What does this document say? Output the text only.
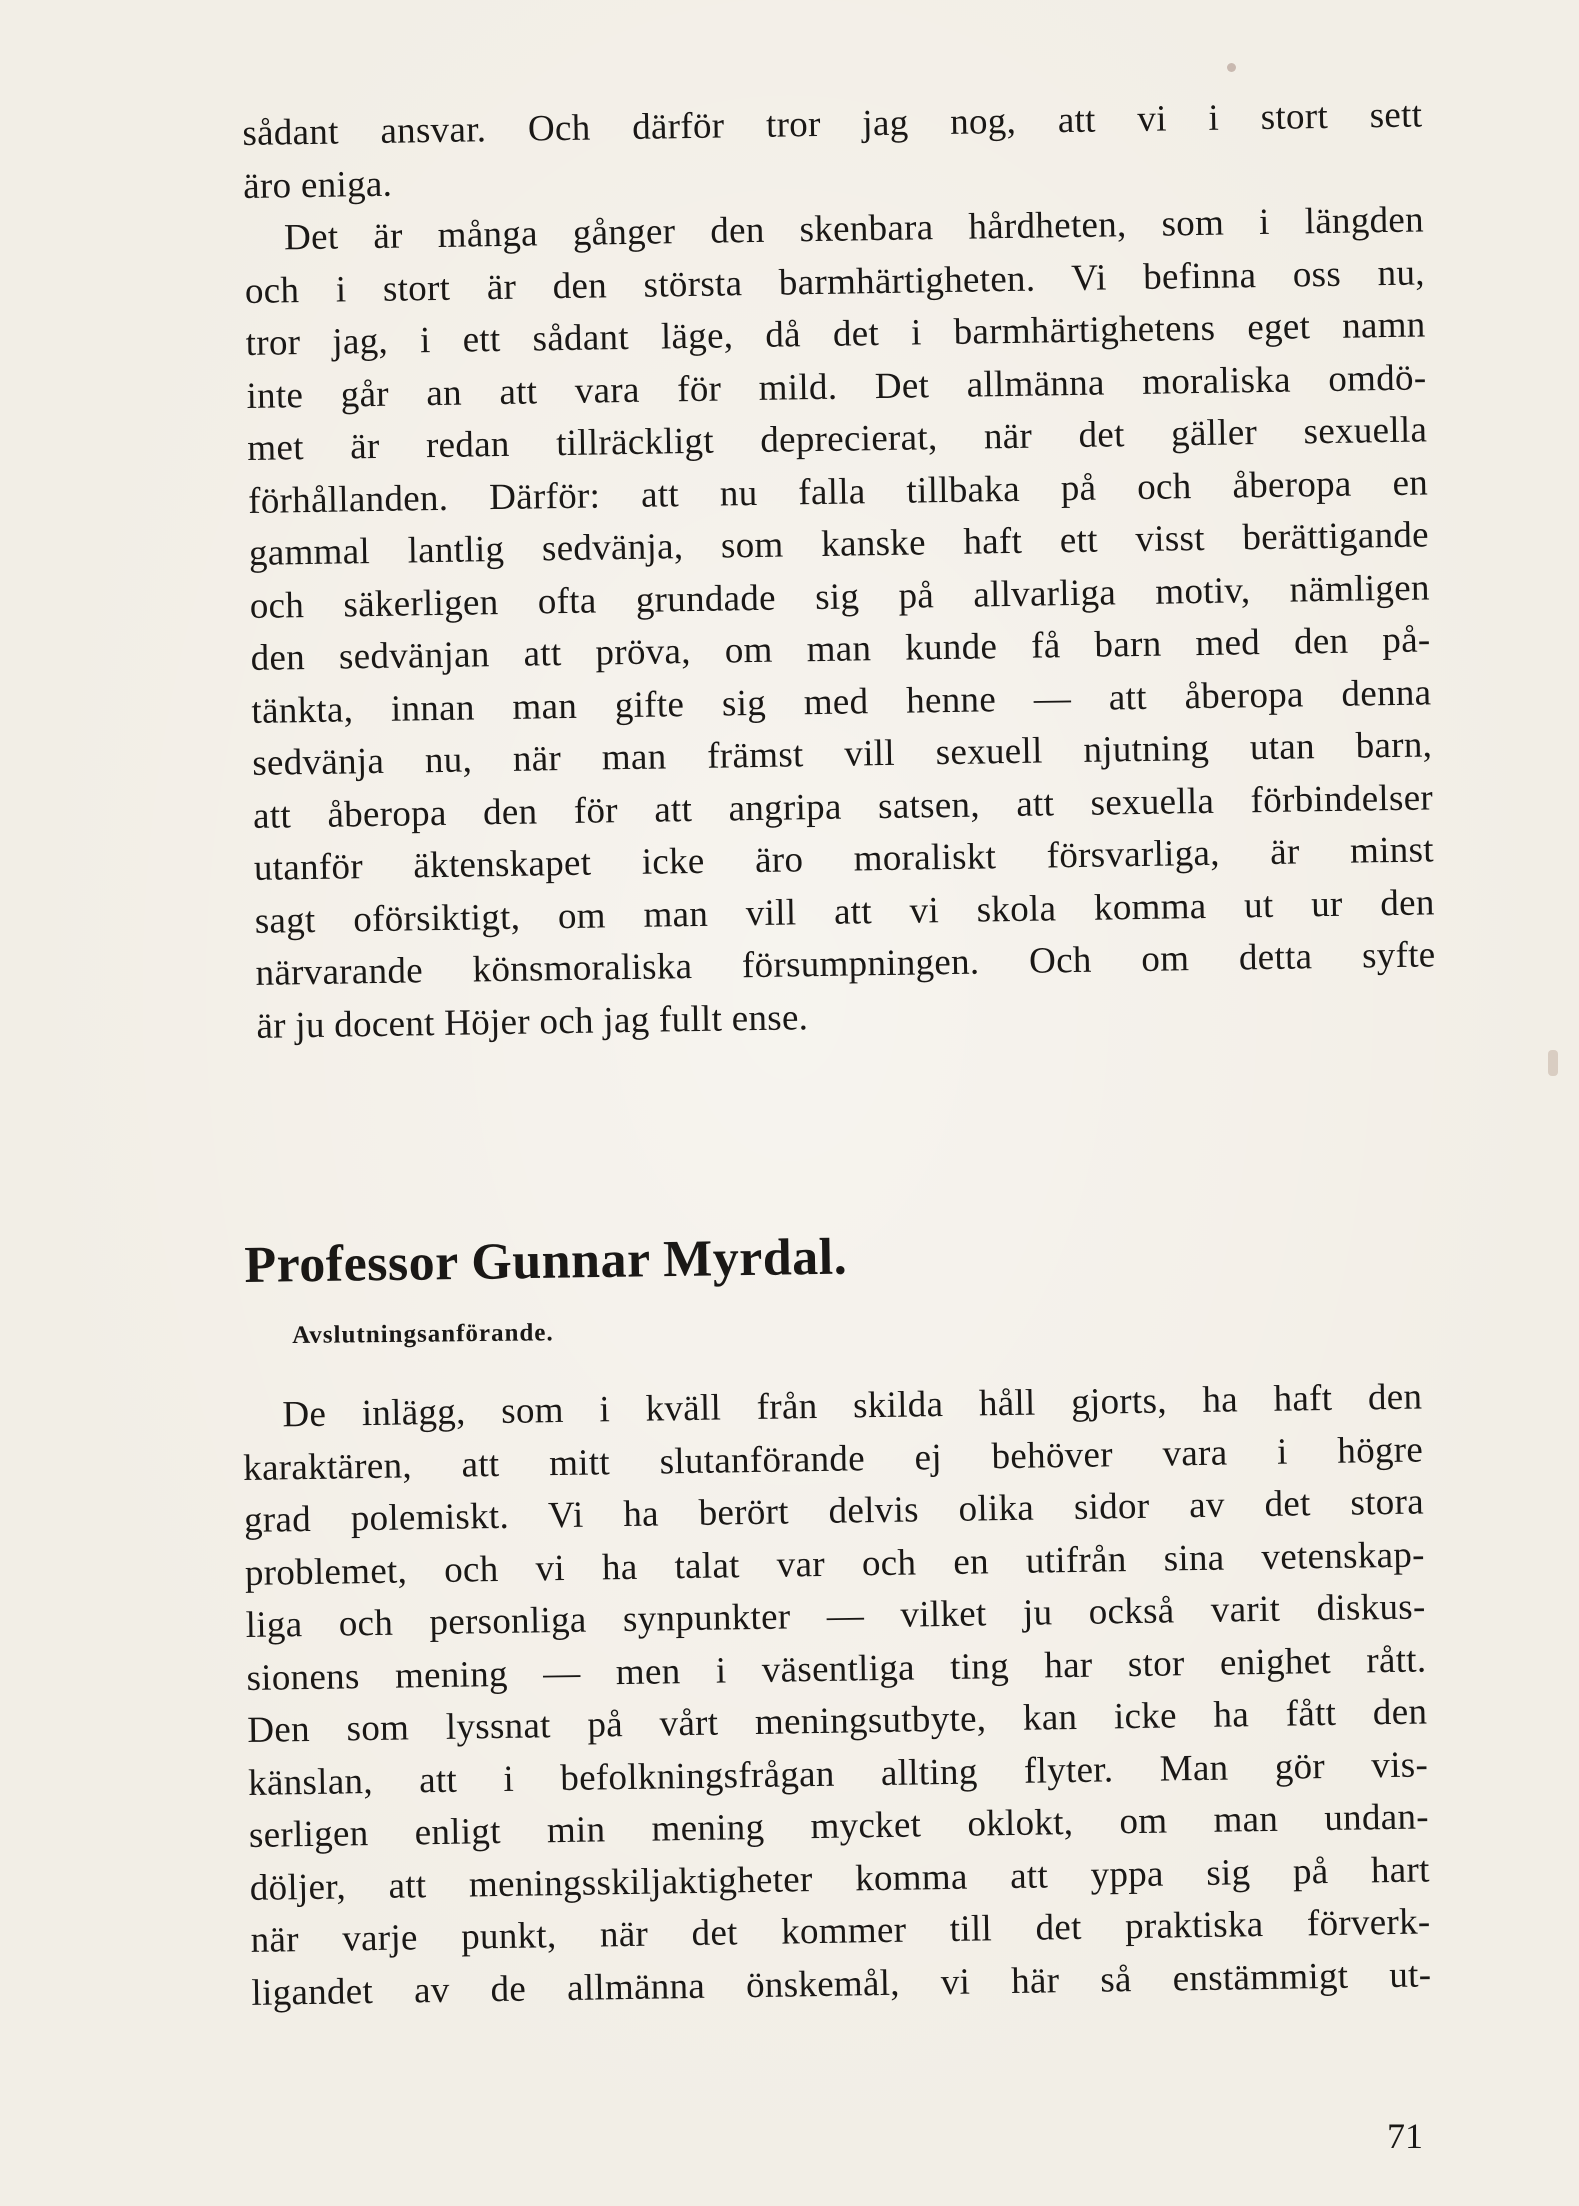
sådant ansvar. Och därför tror jag nog, att vi i stort sett
äro eniga.
Det är många gånger den skenbara hårdheten, som i längden
och i stort är den största barmhärtigheten. Vi befinna oss nu,
tror jag, i ett sådant läge, då det i barmhärtighetens eget namn
inte går an att vara för mild. Det allmänna moraliska omdö-
met är redan tillräckligt deprecierat, när det gäller sexuella
förhållanden. Därför: att nu falla tillbaka på och åberopa en
gammal lantlig sedvänja, som kanske haft ett visst berättigande
och säkerligen ofta grundade sig på allvarliga motiv, nämligen
den sedvänjan att pröva, om man kunde få barn med den på-
tänkta, innan man gifte sig med henne — att åberopa denna
sedvänja nu, när man främst vill sexuell njutning utan barn,
att åberopa den för att angripa satsen, att sexuella förbindelser
utanför äktenskapet icke äro moraliskt försvarliga, är minst
sagt oförsiktigt, om man vill att vi skola komma ut ur den
närvarande könsmoraliska försumpningen. Och om detta syfte
är ju docent Höjer och jag fullt ense.
Professor Gunnar Myrdal.
Avslutningsanförande.
De inlägg, som i kväll från skilda håll gjorts, ha haft den
karaktären, att mitt slutanförande ej behöver vara i högre
grad polemiskt. Vi ha berört delvis olika sidor av det stora
problemet, och vi ha talat var och en utifrån sina vetenskap-
liga och personliga synpunkter — vilket ju också varit diskus-
sionens mening — men i väsentliga ting har stor enighet rått.
Den som lyssnat på vårt meningsutbyte, kan icke ha fått den
känslan, att i befolkningsfrågan allting flyter. Man gör vis-
serligen enligt min mening mycket oklokt, om man undan-
döljer, att meningsskiljaktigheter komma att yppa sig på hart
när varje punkt, när det kommer till det praktiska förverk-
ligandet av de allmänna önskemål, vi här så enstämmigt ut-
71
